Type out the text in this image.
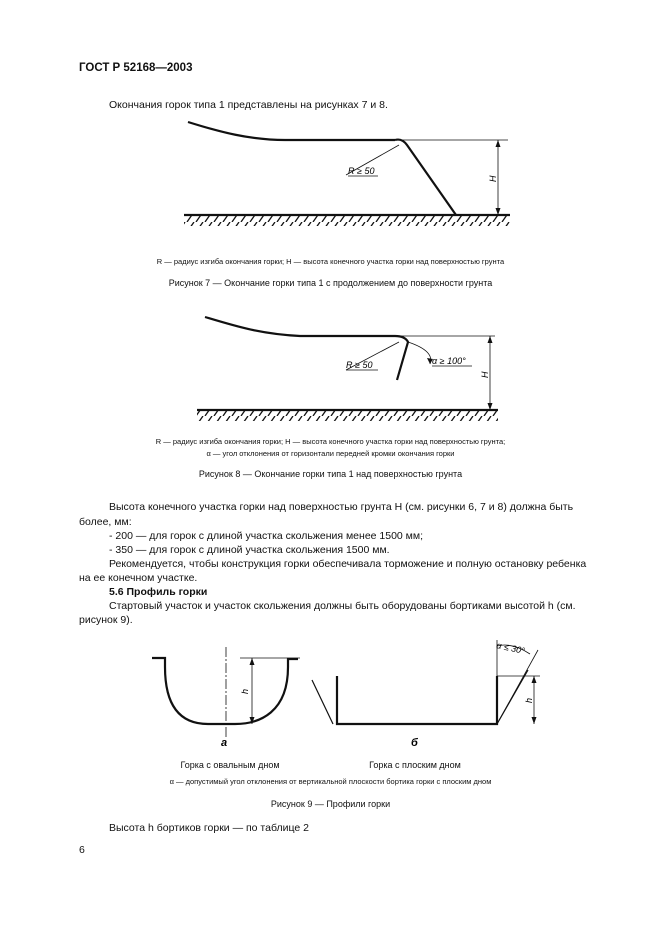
ГОСТ Р 52168—2003
Окончания горок типа 1 представлены на рисунках 7 и 8.
R ≥ 50
H
R — радиус изгиба окончания горки; H — высота конечного участка горки над поверхностью грунта
Рисунок 7 — Окончание горки типа 1 с продолжением до поверхности грунта
R ≥ 50	α ≥ 100°
H
R — радиус изгиба окончания горки; H — высота конечного участка горки над поверхностью грунта;
α — угол отклонения от горизонтали передней кромки окончания горки
Рисунок 8 — Окончание горки типа 1 над поверхностью грунта
Высота конечного участка горки над поверхностью грунта H (см. рисунки 6, 7 и 8) должна быть
более, мм:
- 200 — для горок с длиной участка скольжения менее 1500 мм;
- 350 — для горок с длиной участка скольжения 1500 мм.
Рекомендуется, чтобы конструкция горки обеспечивала торможение и полную остановку ребенка
на ее конечном участке.
5.6 Профиль горки
Стартовый участок и участок скольжения должны быть оборудованы бортиками высотой h (см.
рисунок 9).
h
а
α ≤ 30°
h
б
Горка с овальным дном	Горка с плоским дном
α — допустимый угол отклонения от вертикальной плоскости бортика горки с плоским дном
Рисунок 9 — Профили горки
Высота h бортиков горки — по таблице 2
6
